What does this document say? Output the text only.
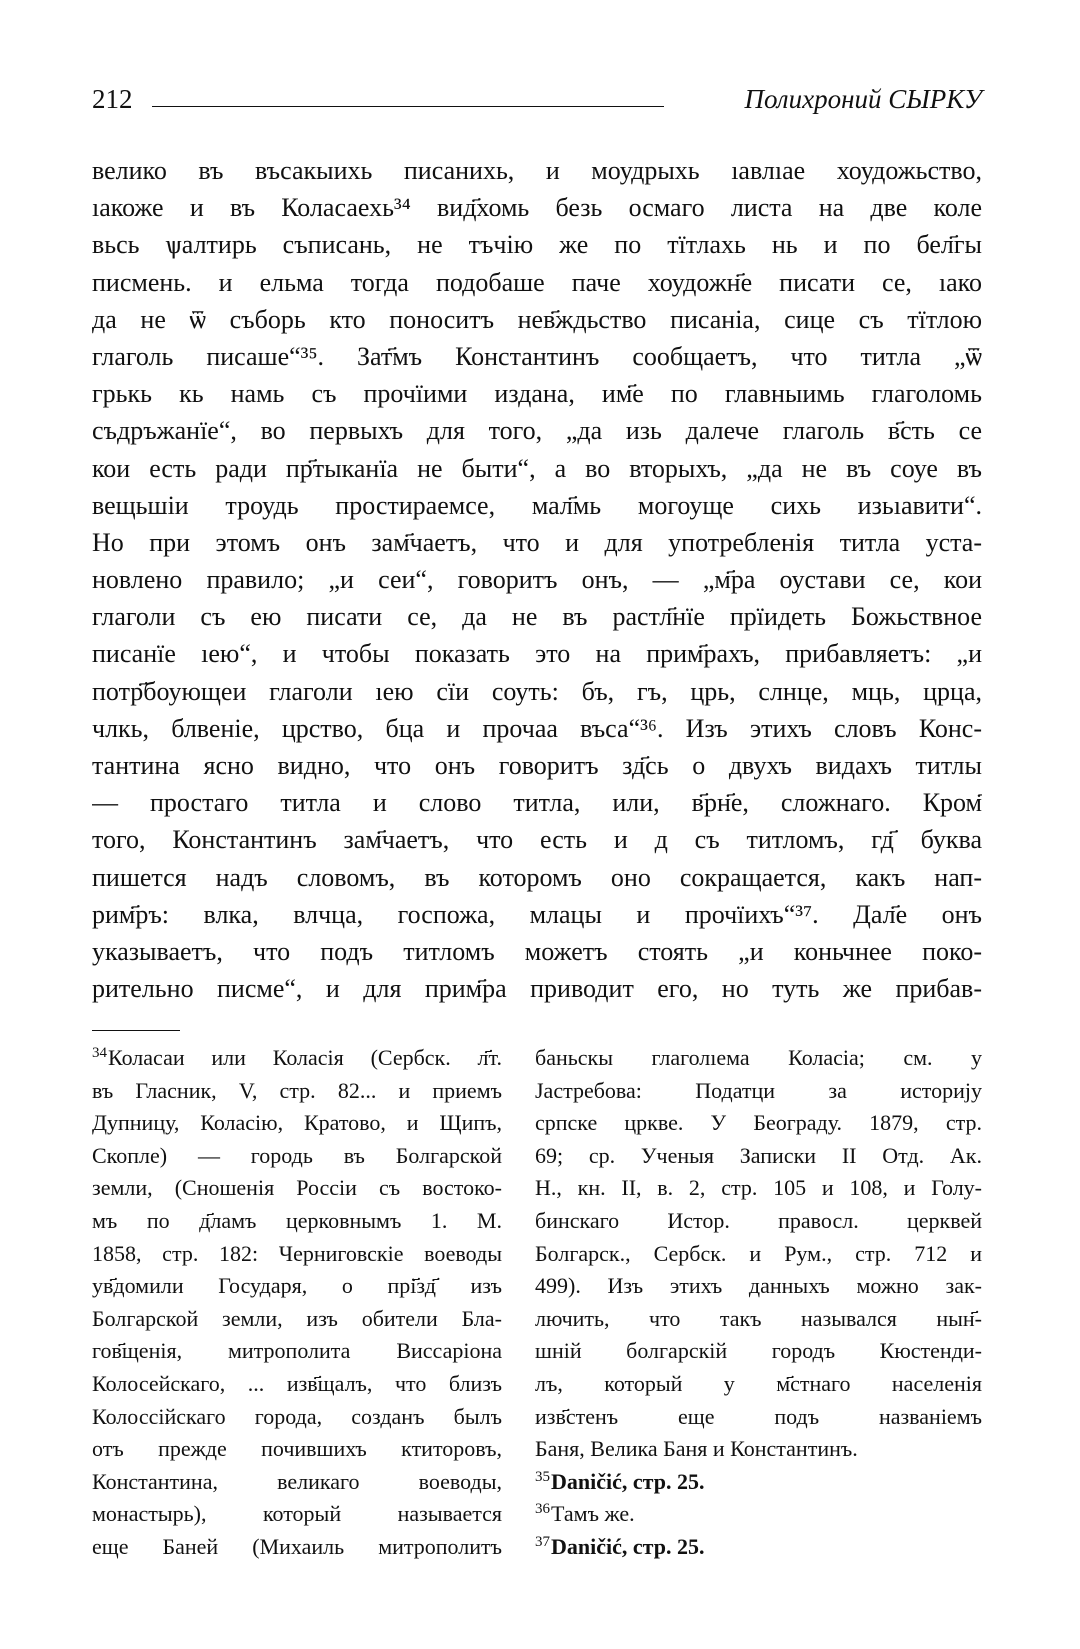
212	Полихроний СЫРКУ
велико въ въсакыихь писаниxь, и моудрыхь ıавлıае хоудожьство,
ıакоже и въ Коласаехь³⁴ вид҃хомь безь осмаго лиcта на две коле
вьсь ѱалтирь съписань, не тъчію же по тïтлахь нь и по бел҃гы
писмень. и ельма тогда подобаше паче хоудожн҃е писати се, ıако
да не ѿ съборь кто поноситъ нев҃ждьство писаніа, сице съ тïтлою
глаголь писаше“³⁵. Зат҃мъ Константинъ сообщаетъ, что титла „ѿ
грькь кь намь съ прочïими издана, им҃е по главныимь глаголомь
съдръжанïе“, во первыхъ для того, „да изь далече глаголь в҃сть се
кои есть ради пр҃тыканïа не быти“, а во вторыхъ, „да не въ соуе въ
вещьшіи троудь простираемсе, мал҃мь могоуще сихь изьıавити“.
Но при этомъ онъ зам҃чаетъ, что и для употребленія титла уста-
новлено правило; „и сеи“, говоритъ онъ, — „м҃ра оустави се, кои
глаголи съ ею писати се, да не въ растл҃нïе прïидеть Божьствное
писанïе ıею“, и чтобы показать это на прим҃рахъ, прибавляетъ: „и
потр҃боующеи глаголи ıею сïи соуть: бъ, гъ, црь, слнце, мць, црца,
члкь, блвеніе, црство, бца и прочаа въса“³⁶. Изъ этихъ словъ Конс-
тантина ясно видно, что онъ говоритъ зд҃сь о двухъ видахъ титлы
— простаго титла и слово титла, или, в҃рн҃е, сложнаго. Кром҃
того, Константинъ зам҃чаетъ, что есть и д съ титломъ, гд҃ буква
пишется надъ словомъ, въ которомъ оно сокращается, какъ нап-
рим҃ръ: влка, влчца, госпожа, млацы и прочïихъ“³⁷. Дал҃е онъ
указываетъ, что подъ титломъ можетъ стоять „и коньчнее поко-
рительно писме“, и для прим҃ра приводит его, но туть же прибав-
$^{34}$Коласаи или Коласія (Сербск. л҃т.
въ Гласник, V, стр. 82... и приемъ
Дупницу, Коласію, Кратово, и Щипъ,
Скопле) — городь въ Болгарской
земли, (Сношенія Россіи съ востоко-
мъ по д҃ламъ церковнымъ 1. М.
1858, стр. 182: Черниговскіе воеводы
ув҃домили Государя, о прі҃зд҃ изъ
Болгарской земли, изъ обители Бла-
гов҃щенія, митрополита Виссаріона
Колосейскаго, ... изв҃щалъ, что близъ
Колоссійскаго города, созданъ былъ
отъ прежде почившихъ ктиторовъ,
Константина, великаго воеводы,
монастырь), который называется
еще Баней (Михаиль митрополитъ
баньскы глаголıема Коласіа; см. у
Јастребова: Податци за историју
српске цркве. У Београду. 1879, стр.
69; ср. Ученыя Записки II Отд. Ак.
Н., кн. II, в. 2, стр. 105 и 108, и Голу-
бинскаго Истор. правосл. церквей
Болгарск., Сербск. и Рум., стр. 712 и
499). Изъ этихъ данныхъ можно зак-
лючить, что такъ назывался нын҃-
шній болгарскій городъ Кюстенди-
лъ, который у м҃стнаго населенія
изв҃стенъ еще подъ названіемъ
Баня, Велика Баня и Константинъ.
$^{35}$Daničić, стр. 25.
$^{36}$Тамъ же.
$^{37}$Daničić, стр. 25.
